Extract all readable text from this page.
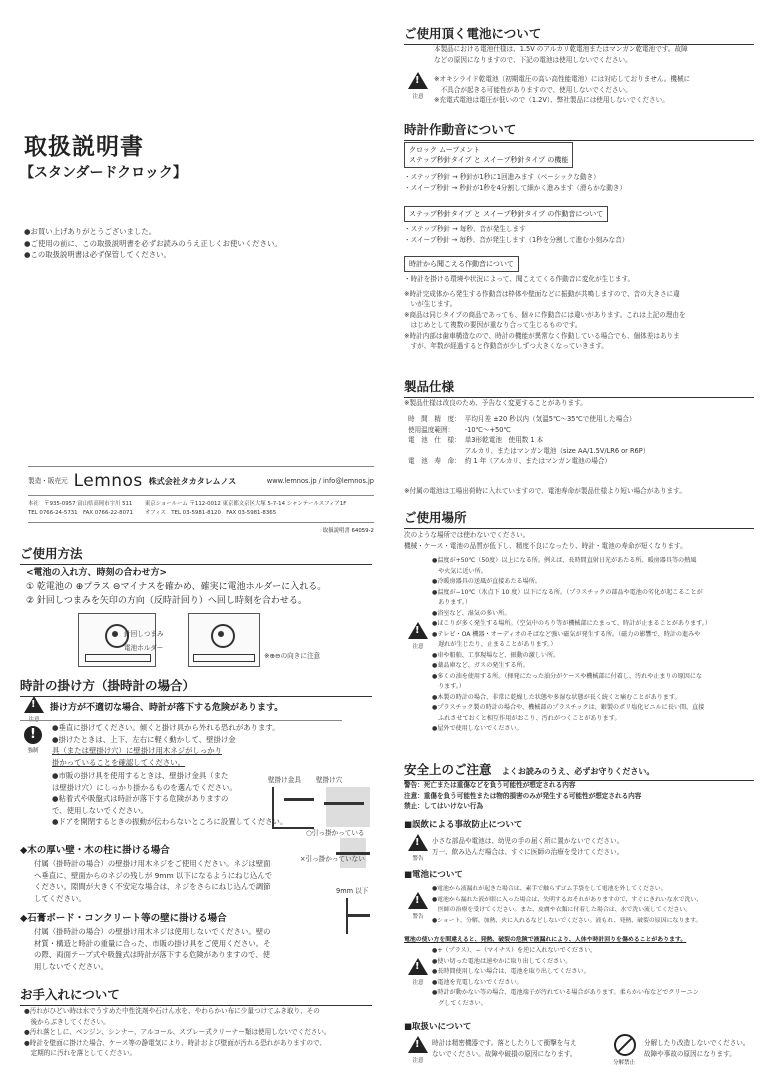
取扱説明書
【スタンダードクロック】
●お買い上げありがとうございました。
●ご使用の前に、この取扱説明書を必ずお読みのうえ正しくお使いください。
●この取扱説明書は必ず保管してください。
製造・販売元 Lemnos 株式会社タカタレムノス	www.lemnos.jp / info@lemnos.jp
本社　〒935-0957 富山県高岡市宇川 511
TEL 0766-24-5731　FAX 0766-22-8071
東京ショールーム 〒112-0012 東京都文京区大塚 5-7-14 シャンテールスフィア1F
オフィス　 TEL 03-5981-8120　FAX 03-5981-8365
取扱説明書 64059-2
ご使用方法
<電池の入れ方、時刻の合わせ方>
① 乾電池の ⊕プラス ⊖マイナスを確かめ、確実に電池ホルダーに入れる。
② 針回しつまみを矢印の方向（反時計回り）へ回し時刻を合わせる。
針回しつまみ
電池ホルダー
※⊕⊖の向きに注意
時計の掛け方（掛時計の場合）
!
注意
掛け方が不適切な場合、時計が落下する危険があります。
!
強制
●垂直に掛けてください。傾くと掛け具から外れる恐れがあります。
●掛けたときは、上下、左右に軽く動かして、壁掛け金
具（または壁掛け穴）に壁掛け用木ネジがしっかり
掛かっていることを確認してください。
●市販の掛け具を使用するときは、壁掛け金具（また
は壁掛け穴）にしっかり掛かるものを選んでください。
●粘着式や吸盤式は時計が落下する危険がありますの
で、使用しないでください。
●ドアを開閉するときの振動が伝わらないところに設置してください。
壁掛け金具 壁掛け穴
○引っ掛かっている
×引っ掛かっていない
9mm 以下
◆木の厚い壁・木の柱に掛ける場合
付属（掛時計の場合）の壁掛け用木ネジをご使用ください。ネジは壁面
へ垂直に、壁面からのネジの残しが 9mm 以下になるようにねじ込んで
ください。隙間が大きく不安定な場合は、ネジをさらにねじ込んで調節
してください。
◆石膏ボード・コンクリート等の壁に掛ける場合
付属（掛時計の場合）の壁掛け用木ネジは使用しないでください。壁の
材質・構造と時計の重量に合った、市販の掛け具をご使用ください。そ
の際、両面テープ式や吸盤式は時計が落下する危険がありますので、使
用しないでください。
お手入れについて
●汚れがひどい時は水でうすめた中性洗剤や石けん水を、やわらかい布に少量つけてふき取り、その
　後からぶきしてください。
●汚れ落としに、ベンジン、シンナー、アルコール、スプレー式クリーナー類は使用しないでください。
●時計を壁面に掛けた場合、ケース等の静電気により、時計および壁面が汚れる恐れがありますので、
　定期的に汚れを落としてください。
ご使用頂く電池について
本製品における電池仕様は、1.5V のアルカリ乾電池またはマンガン乾電池です。故障
などの原因になりますので、下記の電池は使用しないでください。
!
注意
※オキシライド乾電池（初期電圧の高い高性能電池）には対応しておりません。機械に
　不具合が起きる可能性がありますので、使用しないでください。
※充電式電池は電圧が低いので（1.2V）、弊社製品には使用しないでください。
時計作動音について
クロック ムーブメント
ステップ秒針タイプ と スイープ秒針タイプ の機能
・ステップ秒針 → 秒針が1秒に1回進みます（ベーシックな動き）
・スイープ秒針 → 秒針が1秒を4分割して細かく進みます（滑らかな動き）
ステップ秒針タイプ と スイープ秒針タイプ の作動音について
・ステップ秒針 → 毎秒、音が発生します
・スイープ秒針 → 毎秒、音が発生します（1秒を分割して進む小刻みな音）
時計から聞こえる作動音について
・時計を掛ける環境や状況によって、聞こえてくる作動音に変化が生じます。
※時計完成体から発生する作動音は枠体や壁面などに振動が共鳴しますので、音の大きさに違
　いが生じます。
※商品は同じタイプの商品であっても、個々に作動音には違いがあります。これは上記の理由を
　はじめとして複数の要因が重なり合って生じるものです。
※時計内部は歯車構造なので、時計の機能が異常なく作動している場合でも、個体差はありま
　すが、年数が経過すると作動音が少しずつ大きくなっていきます。
製品仕様
※製品仕様は改良のため、予告なく変更することがあります。
時　間　精　度：	平均月差 ±20 秒以内（気温5℃〜35℃で使用した場合）
使用温度範囲：	-10℃〜+50℃
電　池　仕　様：	単3形乾電池　使用数 1 本
	アルカリ、またはマンガン電池（size AA/1.5V/LR6 or R6P）
電　池　寿　命：	約 1 年（アルカリ、またはマンガン電池の場合）
※付属の電池は工場出荷時に入れていますので、電池寿命が製品仕様より短い場合があります。
ご使用場所
次のような場所では使わないでください。
機械・ケース・電池の品質が低下し、精度不良になったり、時計・電池の寿命が短くなります。
!
注意
●温度が+50℃（50度）以上になる所。例えば、長時間直射日光があたる所、暖房器具等の熱風
　や火気に近い所。
●冷暖房器具の送風が直接あたる場所。
●温度が−10℃（氷点下 10 度）以下になる所。（プラスチックの部品や電池の劣化が起こることが
　あります。）
●浴室など、湿気の多い所。
●ほこりが多く発生する場所。（空気中のちり等が機械部にたまって、時計が止まることがあります。）
●テレビ・OA 機器・オーディオのそばなど強い磁気が発生する所。（磁力の影響で、時計の進みや
　遅れが生じたり、止まることがあります。）
●車や船舶、工事現場など、振動の激しい所。
●薬品庫など、ガスの発生する所。
●多くの油を使用する所。（揮発にたった油分がケースや機械部に付着し、汚れや止まりの原因にな
　ります。）
●木製の時計の場合、非常に乾燥した状態や多湿な状態が長く続くと痛むことがあります。
●プラスチック製の時計の場合や、機械部のプラスチックは、銀製のポリ塩化ビニルに長い間、直接
　ふれさせておくと相互作用がおこり、汚れがつくことがあります。
●屋外で使用しないでください。
安全上のご注意 よくお読みのうえ、必ずお守りください。
警告：死亡または重傷などを負う可能性が想定される内容
注意：重傷を負う可能性または物的損害のみが発生する可能性が想定される内容
禁止：してはいけない行為
■誤飲による事故防止について
!
警告
小さな部品や電池は、幼児の手の届く所に置かないでください。
万一、飲み込んだ場合は、すぐに医師の治療を受けてください。
■電池について
!
警告
●電池から液漏れが起きた場合は、素手で触らずゴム手袋をして電池を外してください。
●電池から漏れた液が眼に入った場合は、失明するおそれがありますので、すぐにきれいな水で洗い、
　医師の治療を受けてください。また、皮膚や衣類に付着した場合は、水で洗い流してください。
●ショート、分解、加熱、火に入れるなどしないでください。液もれ、発熱、破裂の原因になります。
電池の使い方を間違えると、発熱、破裂の危険で液漏れにより、人体や時計回りを傷めることがあります。
!
注意
●+（プラス）、−（マイナス）を逆に入れないでください。
●使い切った電池は速やかに取り出してください。
●長時間使用しない場合は、電池を取り出してください。
●電池を充電しないでください。
●時計が動かない等の場合、電池端子が汚れている場合があります。柔らかい布などでクリーニン
　グしてください。
■取扱いについて
!
注意
時計は精密機器です。落としたりして衝撃を与え
ないでください。故障や破損の原因になります。
分解禁止
分解したり改造しないでください。
故障や事故の原因になります。
